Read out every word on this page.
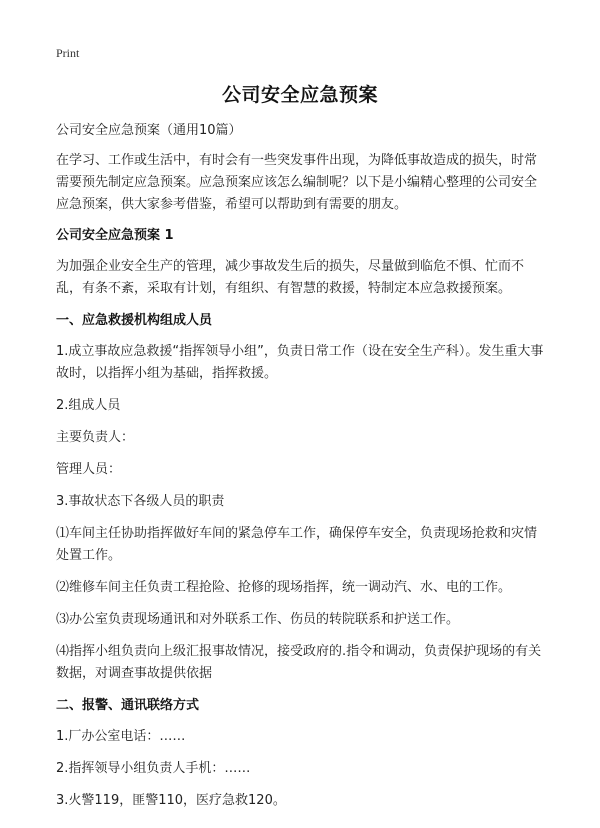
Print
公司安全应急预案
公司安全应急预案（通用10篇）
在学习、工作或生活中，有时会有一些突发事件出现，为降低事故造成的损失，时常需要预先制定应急预案。应急预案应该怎么编制呢？以下是小编精心整理的公司安全应急预案，供大家参考借鉴，希望可以帮助到有需要的朋友。
公司安全应急预案 1
为加强企业安全生产的管理，减少事故发生后的损失，尽量做到临危不惧、忙而不乱，有条不紊，采取有计划，有组织、有智慧的救援，特制定本应急救援预案。
一、应急救援机构组成人员
1.成立事故应急救援“指挥领导小组”，负责日常工作（设在安全生产科）。发生重大事故时，以指挥小组为基础，指挥救援。
2.组成人员
主要负责人：
管理人员：
3.事故状态下各级人员的职责
⑴车间主任协助指挥做好车间的紧急停车工作，确保停车安全，负责现场抢救和灾情处置工作。
⑵维修车间主任负责工程抢险、抢修的现场指挥，统一调动汽、水、电的工作。
⑶办公室负责现场通讯和对外联系工作、伤员的转院联系和护送工作。
⑷指挥小组负责向上级汇报事故情况，接受政府的.指令和调动，负责保护现场的有关数据，对调查事故提供依据
二、报警、通讯联络方式
1.厂办公室电话：……
2.指挥领导小组负责人手机：……
3.火警119，匪警110，医疗急救120。
